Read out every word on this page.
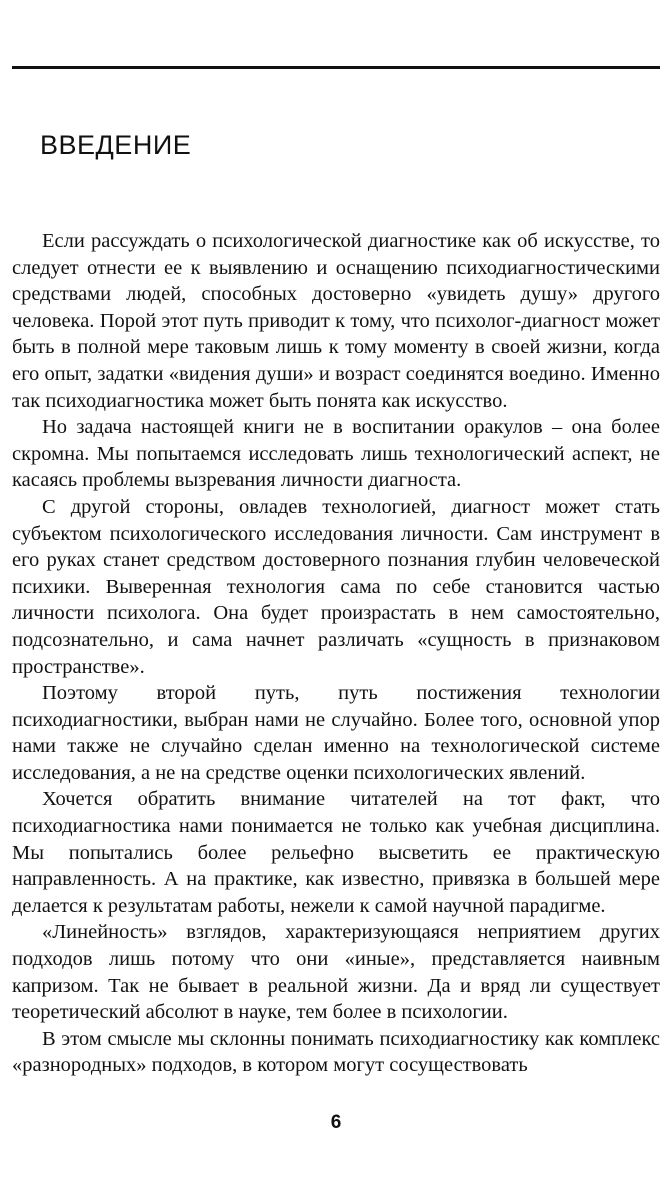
ВВЕДЕНИЕ

Если рассуждать о психологической диагностике как об искусстве, то следует отнести ее к выявлению и оснащению психодиагностическими средствами людей, способных достоверно «увидеть душу» другого человека. Порой этот путь приводит к тому, что психолог-диагност может быть в полной мере таковым лишь к тому моменту в своей жизни, когда его опыт, задатки «видения души» и возраст соединятся воедино. Именно так психодиагностика может быть понята как искусство.

Но задача настоящей книги не в воспитании оракулов – она более скромна. Мы попытаемся исследовать лишь технологический аспект, не касаясь проблемы вызревания личности диагноста.

С другой стороны, овладев технологией, диагност может стать субъектом психологического исследования личности. Сам инструмент в его руках станет средством достоверного познания глубин человеческой психики. Выверенная технология сама по себе становится частью личности психолога. Она будет произрастать в нем самостоятельно, подсознательно, и сама начнет различать «сущность в признаковом пространстве».

Поэтому второй путь, путь постижения технологии психодиагностики, выбран нами не случайно. Более того, основной упор нами также не случайно сделан именно на технологической системе исследования, а не на средстве оценки психологических явлений.

Хочется обратить внимание читателей на тот факт, что психодиагностика нами понимается не только как учебная дисциплина. Мы попытались более рельефно высветить ее практическую направленность. А на практике, как известно, привязка в большей мере делается к результатам работы, нежели к самой научной парадигме.

«Линейность» взглядов, характеризующаяся неприятием других подходов лишь потому что они «иные», представляется наивным капризом. Так не бывает в реальной жизни. Да и вряд ли существует теоретический абсолют в науке, тем более в психологии.

В этом смысле мы склонны понимать психодиагностику как комплекс «разнородных» подходов, в котором могут сосуществовать

6
